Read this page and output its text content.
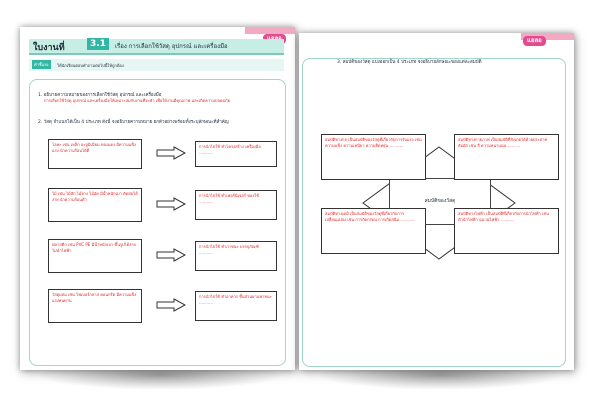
ใบงานที่	3.1	เรื่อง การเลือกใช้วัสดุ อุปกรณ์ และเครื่องมือ
คำชี้แจง	ให้นักเรียนตอบคำถามต่อไปนี้ให้ถูกต้อง
1. อธิบายความหมายของการเลือกใช้วัสดุ อุปกรณ์ และเครื่องมือ
การเลือกใช้วัสดุ อุปกรณ์ และเครื่องมือให้เหมาะสมกับงานที่จะทำ เพื่อให้งานมีคุณภาพ และเกิดความปลอดภัย
2. วัสดุ จำแนกได้เป็น 4 ประเภท ดังนี้ จงอธิบายความหมาย ยกตัวอย่างพร้อมทั้งระบุลักษณะที่สำคัญ
โลหะ เช่น เหล็ก อะลูมิเนียม ทองแดง มีความแข็งแรง นำความร้อนได้ดี
การนำไปใช้ ทำโครงสร้าง เครื่องมือ ...........
ไม้ เช่น ไม้สัก ไม้ยาง ไม้อัด มีน้ำหนักเบา ตัดต่อได้ง่าย นำความร้อนต่ำ
การนำไปใช้ ทำเฟอร์นิเจอร์ ของใช้ ...........
พลาสติก เช่น PVC PE มีน้ำหนักเบา ขึ้นรูปได้ง่าย ไม่นำไฟฟ้า
การนำไปใช้ ทำภาชนะ บรรจุภัณฑ์ ...........
วัสดุผสม เช่น ไฟเบอร์กลาส คอนกรีต มีความแข็งแรงทนทาน
การนำไปใช้ ทำอาคาร ชิ้นส่วนยานพาหนะ ...........
แอลอ
3. สมบัติของวัสดุ แบ่งออกเป็น 4 ประเภท จงอธิบายลักษณะของแต่ละสมบัติ
สมบัติของวัสดุ
สมบัติทางกล เป็นสมบัติของวัสดุที่เกี่ยวกับการรับแรง เช่น ความแข็ง ความเหนียว ความยืดหยุ่น ...........
สมบัติทางกายภาพ เป็นสมบัติที่สังเกตได้ด้วยประสาทสัมผัส เช่น สี ความหนาแน่น ..........
สมบัติทางเคมี เป็นสมบัติของวัสดุที่เกี่ยวกับการเปลี่ยนแปลง เช่น การกัดกร่อน การเกิดสนิม ...........
สมบัติทางไฟฟ้า เป็นสมบัติที่เกี่ยวกับการนำไฟฟ้า เช่น ตัวนำไฟฟ้า ฉนวนไฟฟ้า ...........
